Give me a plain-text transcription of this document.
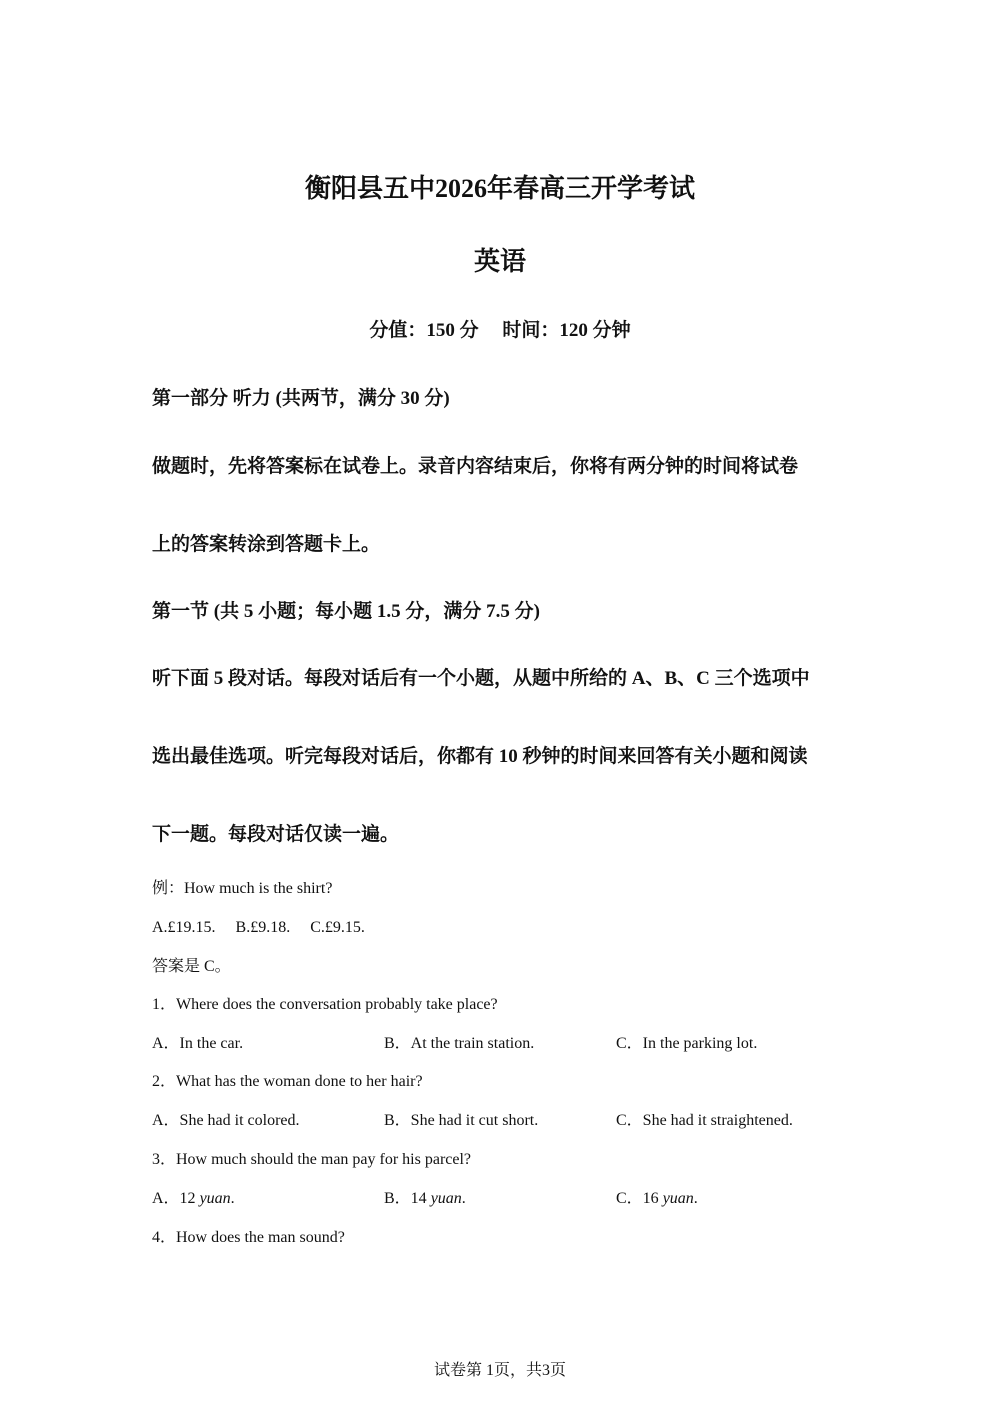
衡阳县五中2026年春高三开学考试
英语
分值：150 分　 时间：120 分钟
第一部分 听力 (共两节，满分 30 分)
做题时，先将答案标在试卷上。录音内容结束后，你将有两分钟的时间将试卷
上的答案转涂到答题卡上。
第一节 (共 5 小题；每小题 1.5 分，满分 7.5 分)
听下面 5 段对话。每段对话后有一个小题，从题中所给的 A、B、C 三个选项中
选出最佳选项。听完每段对话后，你都有 10 秒钟的时间来回答有关小题和阅读
下一题。每段对话仅读一遍。
例：How much is the shirt?
A.£19.15.　 B.£9.18.　 C.£9.15.
答案是 C。
1．Where does the conversation probably take place?
A．In the car.	B．At the train station.	C．In the parking lot.
2．What has the woman done to her hair?
A．She had it colored.	B．She had it cut short.	C．She had it straightened.
3．How much should the man pay for his parcel?
A．12 yuan.	B．14 yuan.	C．16 yuan.
4．How does the man sound?
试卷第 1页，共3页
